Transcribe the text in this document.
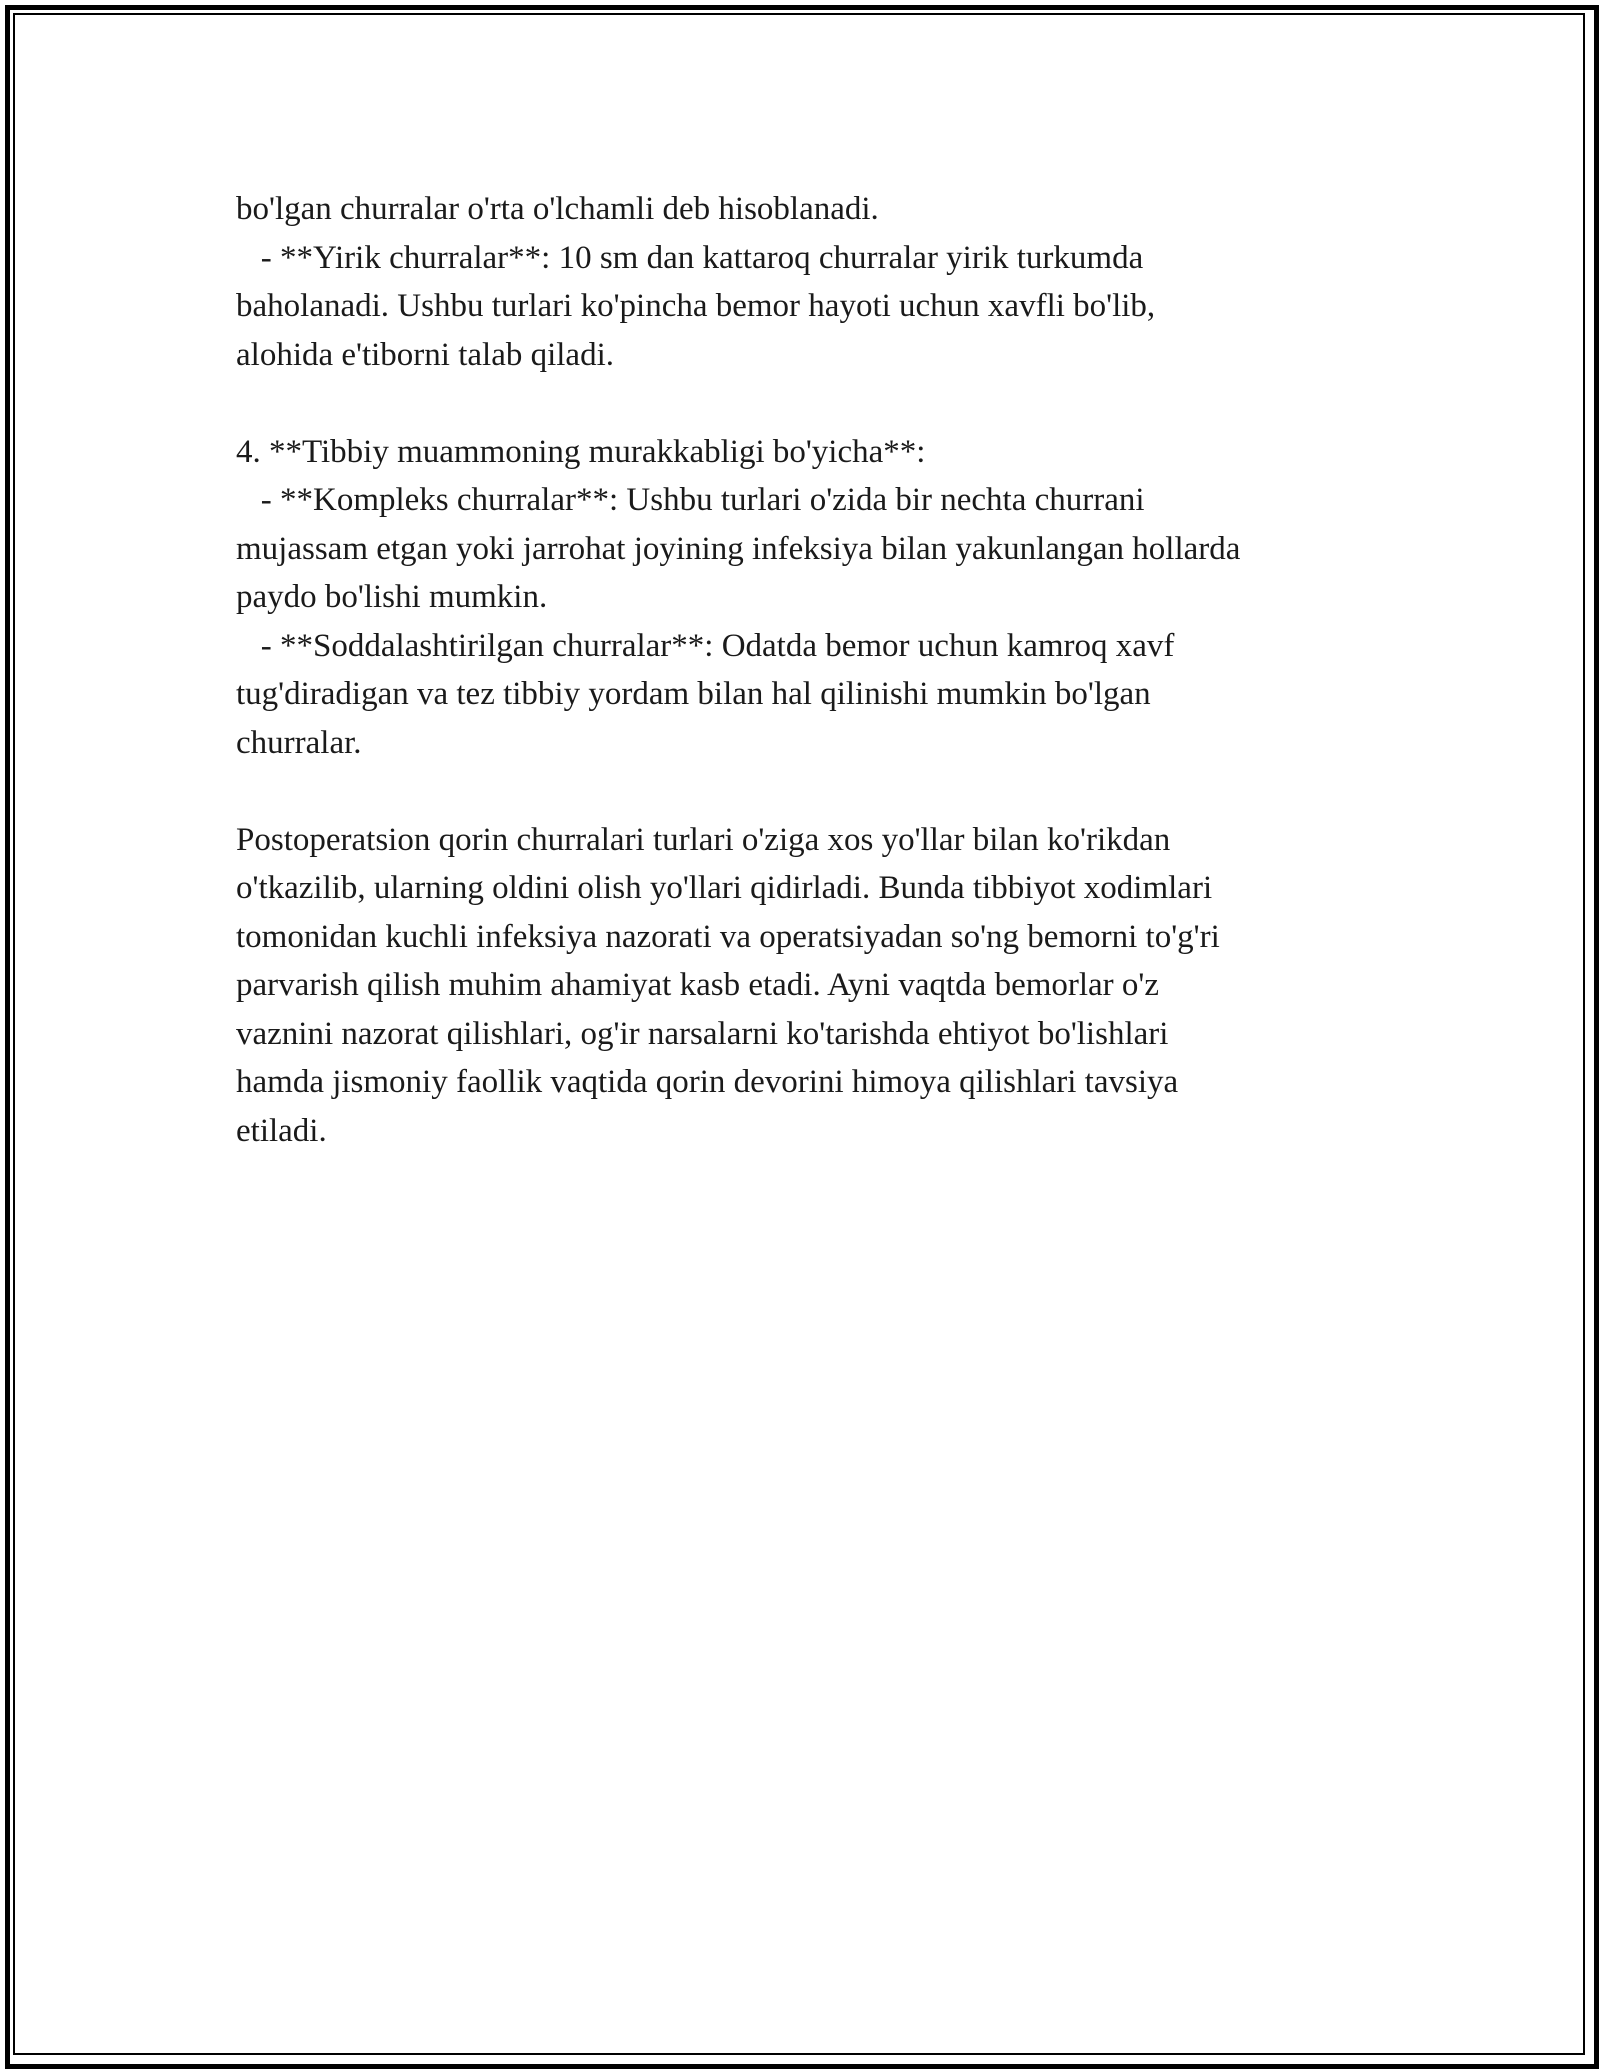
bo'lgan churralar o'rta o'lchamli deb hisoblanadi.
- **Yirik churralar**: 10 sm dan kattaroq churralar yirik turkumda
baholanadi. Ushbu turlari ko'pincha bemor hayoti uchun xavfli bo'lib,
alohida e'tiborni talab qiladi.
4. **Tibbiy muammoning murakkabligi bo'yicha**:
- **Kompleks churralar**: Ushbu turlari o'zida bir nechta churrani
mujassam etgan yoki jarrohat joyining infeksiya bilan yakunlangan hollarda
paydo bo'lishi mumkin.
- **Soddalashtirilgan churralar**: Odatda bemor uchun kamroq xavf
tug'diradigan va tez tibbiy yordam bilan hal qilinishi mumkin bo'lgan
churralar.
Postoperatsion qorin churralari turlari o'ziga xos yo'llar bilan ko'rikdan
o'tkazilib, ularning oldini olish yo'llari qidirladi. Bunda tibbiyot xodimlari
tomonidan kuchli infeksiya nazorati va operatsiyadan so'ng bemorni to'g'ri
parvarish qilish muhim ahamiyat kasb etadi. Ayni vaqtda bemorlar o'z
vaznini nazorat qilishlari, og'ir narsalarni ko'tarishda ehtiyot bo'lishlari
hamda jismoniy faollik vaqtida qorin devorini himoya qilishlari tavsiya
etiladi.
